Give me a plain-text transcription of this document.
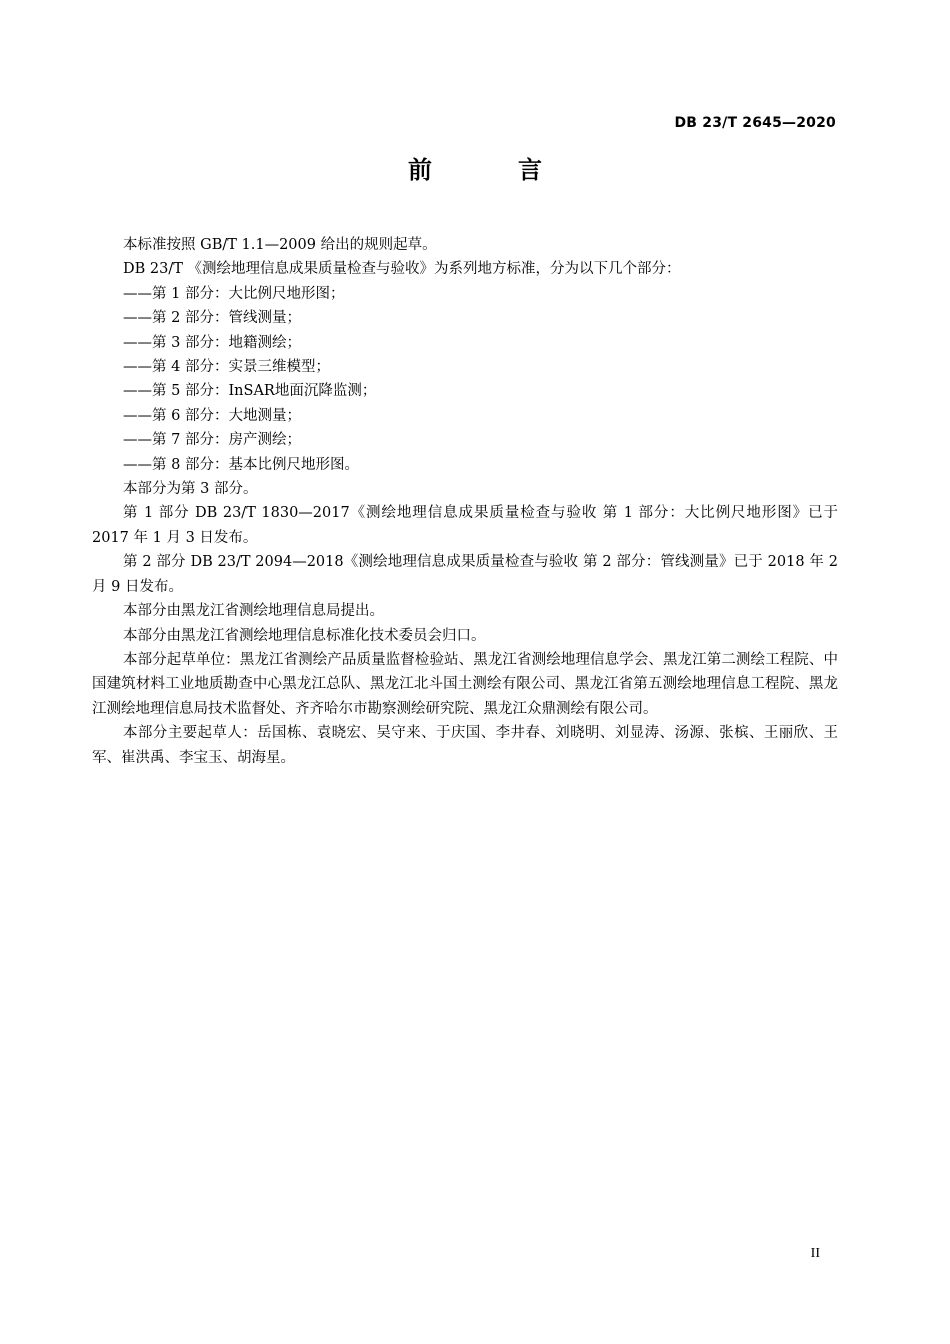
DB 23/T 2645—2020
前言

本标准按照 GB/T 1.1—2009 给出的规则起草。

DB 23/T 《测绘地理信息成果质量检查与验收》为系列地方标准，分为以下几个部分：

——第 1 部分：大比例尺地形图；

——第 2 部分：管线测量；

——第 3 部分：地籍测绘；

——第 4 部分：实景三维模型；

——第 5 部分：InSAR地面沉降监测；

——第 6 部分：大地测量；

——第 7 部分：房产测绘；

——第 8 部分：基本比例尺地形图。

本部分为第 3 部分。

第 1 部分 DB 23/T 1830—2017《测绘地理信息成果质量检查与验收 第 1 部分：大比例尺地形图》已于 2017 年 1 月 3 日发布。

第 2 部分 DB 23/T 2094—2018《测绘地理信息成果质量检查与验收 第 2 部分：管线测量》已于 2018 年 2 月 9 日发布。

本部分由黑龙江省测绘地理信息局提出。

本部分由黑龙江省测绘地理信息标准化技术委员会归口。

本部分起草单位：黑龙江省测绘产品质量监督检验站、黑龙江省测绘地理信息学会、黑龙江第二测绘工程院、中国建筑材料工业地质勘查中心黑龙江总队、黑龙江北斗国土测绘有限公司、黑龙江省第五测绘地理信息工程院、黑龙江测绘地理信息局技术监督处、齐齐哈尔市勘察测绘研究院、黑龙江众鼎测绘有限公司。

本部分主要起草人：岳国栋、袁晓宏、吴守来、于庆国、李井春、刘晓明、刘显涛、汤源、张槟、王丽欣、王军、崔洪禹、李宝玉、胡海星。

II
